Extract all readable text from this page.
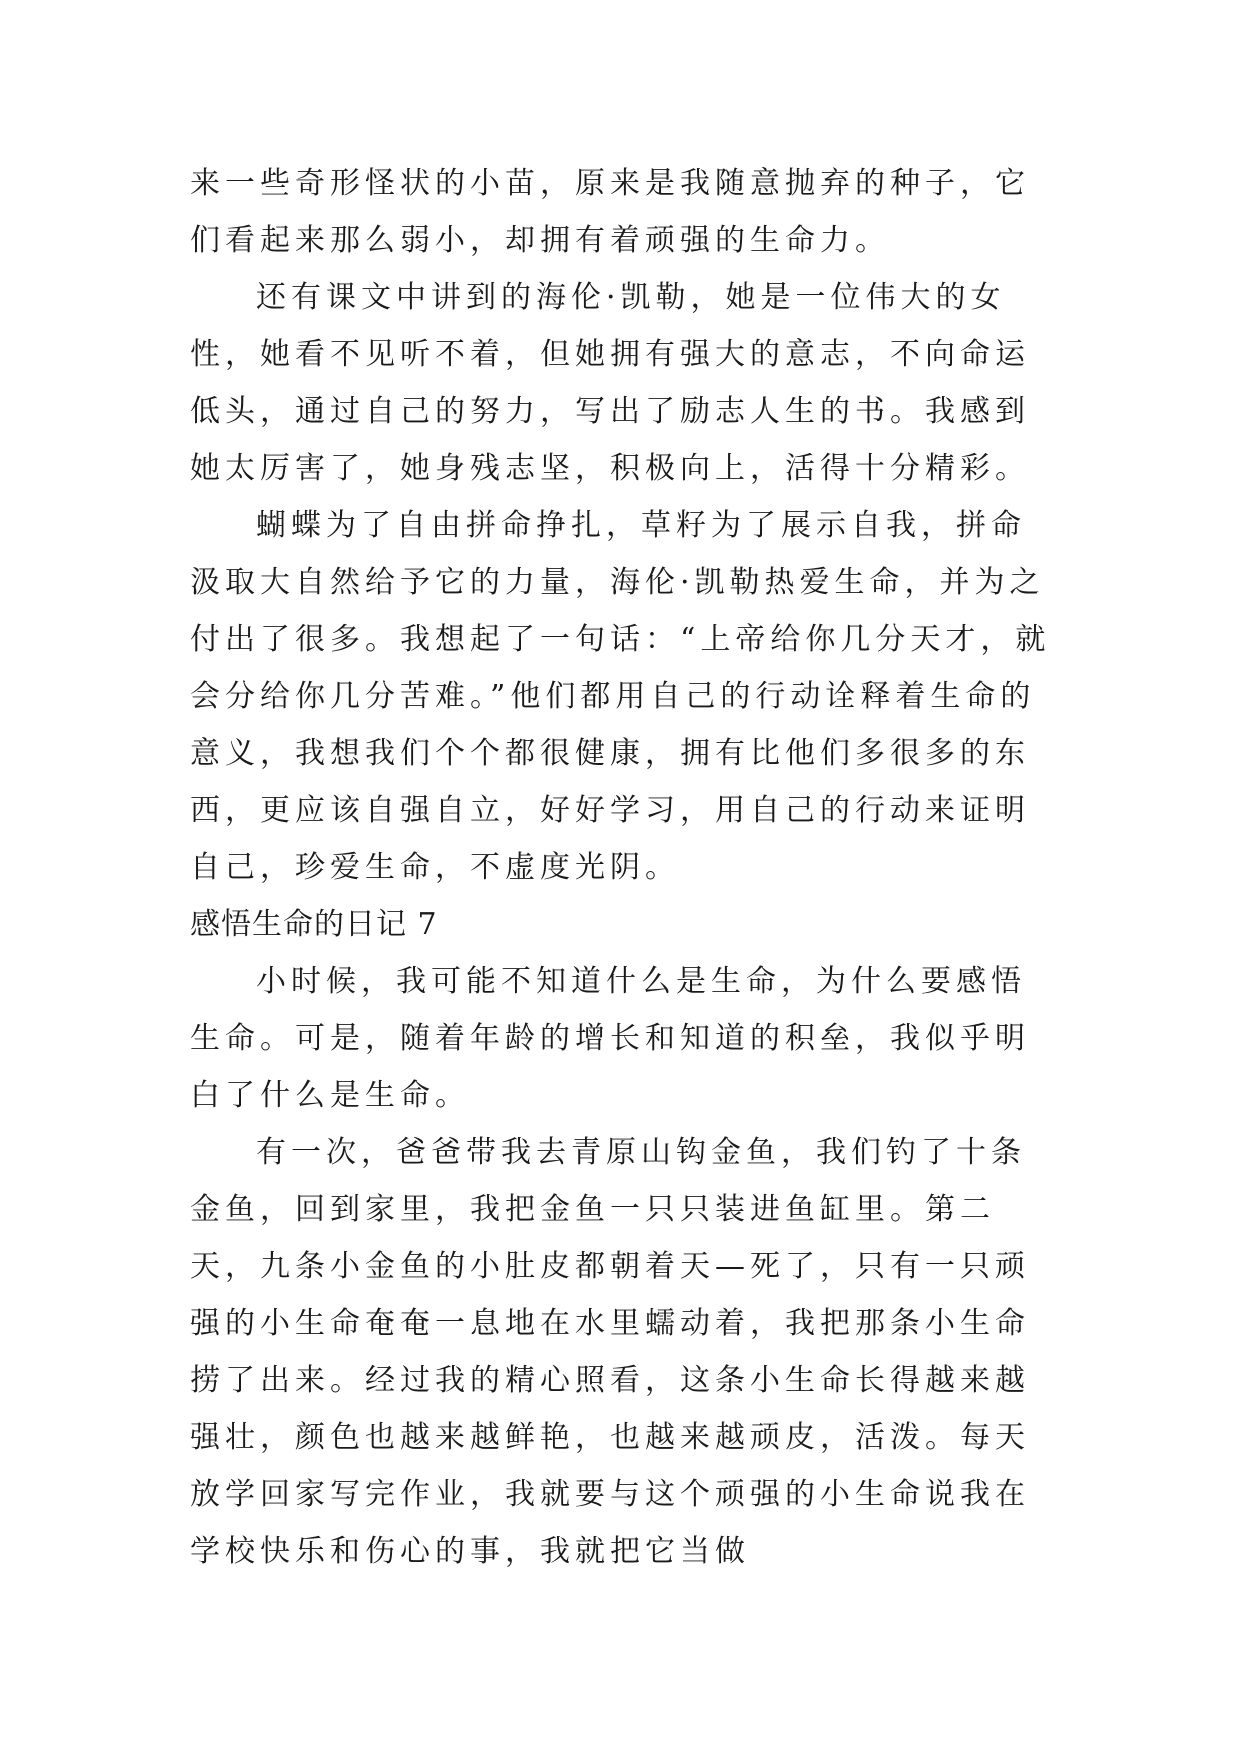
来一些奇形怪状的小苗，原来是我随意抛弃的种子，它们看起来那么弱小，却拥有着顽强的生命力。

还有课文中讲到的海伦·凯勒，她是一位伟大的女性，她看不见听不着，但她拥有强大的意志，不向命运低头，通过自己的努力，写出了励志人生的书。我感到她太厉害了，她身残志坚，积极向上，活得十分精彩。

蝴蝶为了自由拼命挣扎，草籽为了展示自我，拼命汲取大自然给予它的力量，海伦·凯勒热爱生命，并为之付出了很多。我想起了一句话：“上帝给你几分天才，就会分给你几分苦难。”他们都用自己的行动诠释着生命的意义，我想我们个个都很健康，拥有比他们多很多的东西，更应该自强自立，好好学习，用自己的行动来证明自己，珍爱生命，不虚度光阴。

感悟生命的日记 7

小时候，我可能不知道什么是生命，为什么要感悟生命。可是，随着年龄的增长和知道的积垒，我似乎明白了什么是生命。

有一次，爸爸带我去青原山钩金鱼，我们钓了十条金鱼，回到家里，我把金鱼一只只装进鱼缸里。第二天，九条小金鱼的小肚皮都朝着天—死了，只有一只顽强的小生命奄奄一息地在水里蠕动着，我把那条小生命捞了出来。经过我的精心照看，这条小生命长得越来越强壮，颜色也越来越鲜艳，也越来越顽皮，活泼。每天放学回家写完作业，我就要与这个顽强的小生命说我在学校快乐和伤心的事，我就把它当做
